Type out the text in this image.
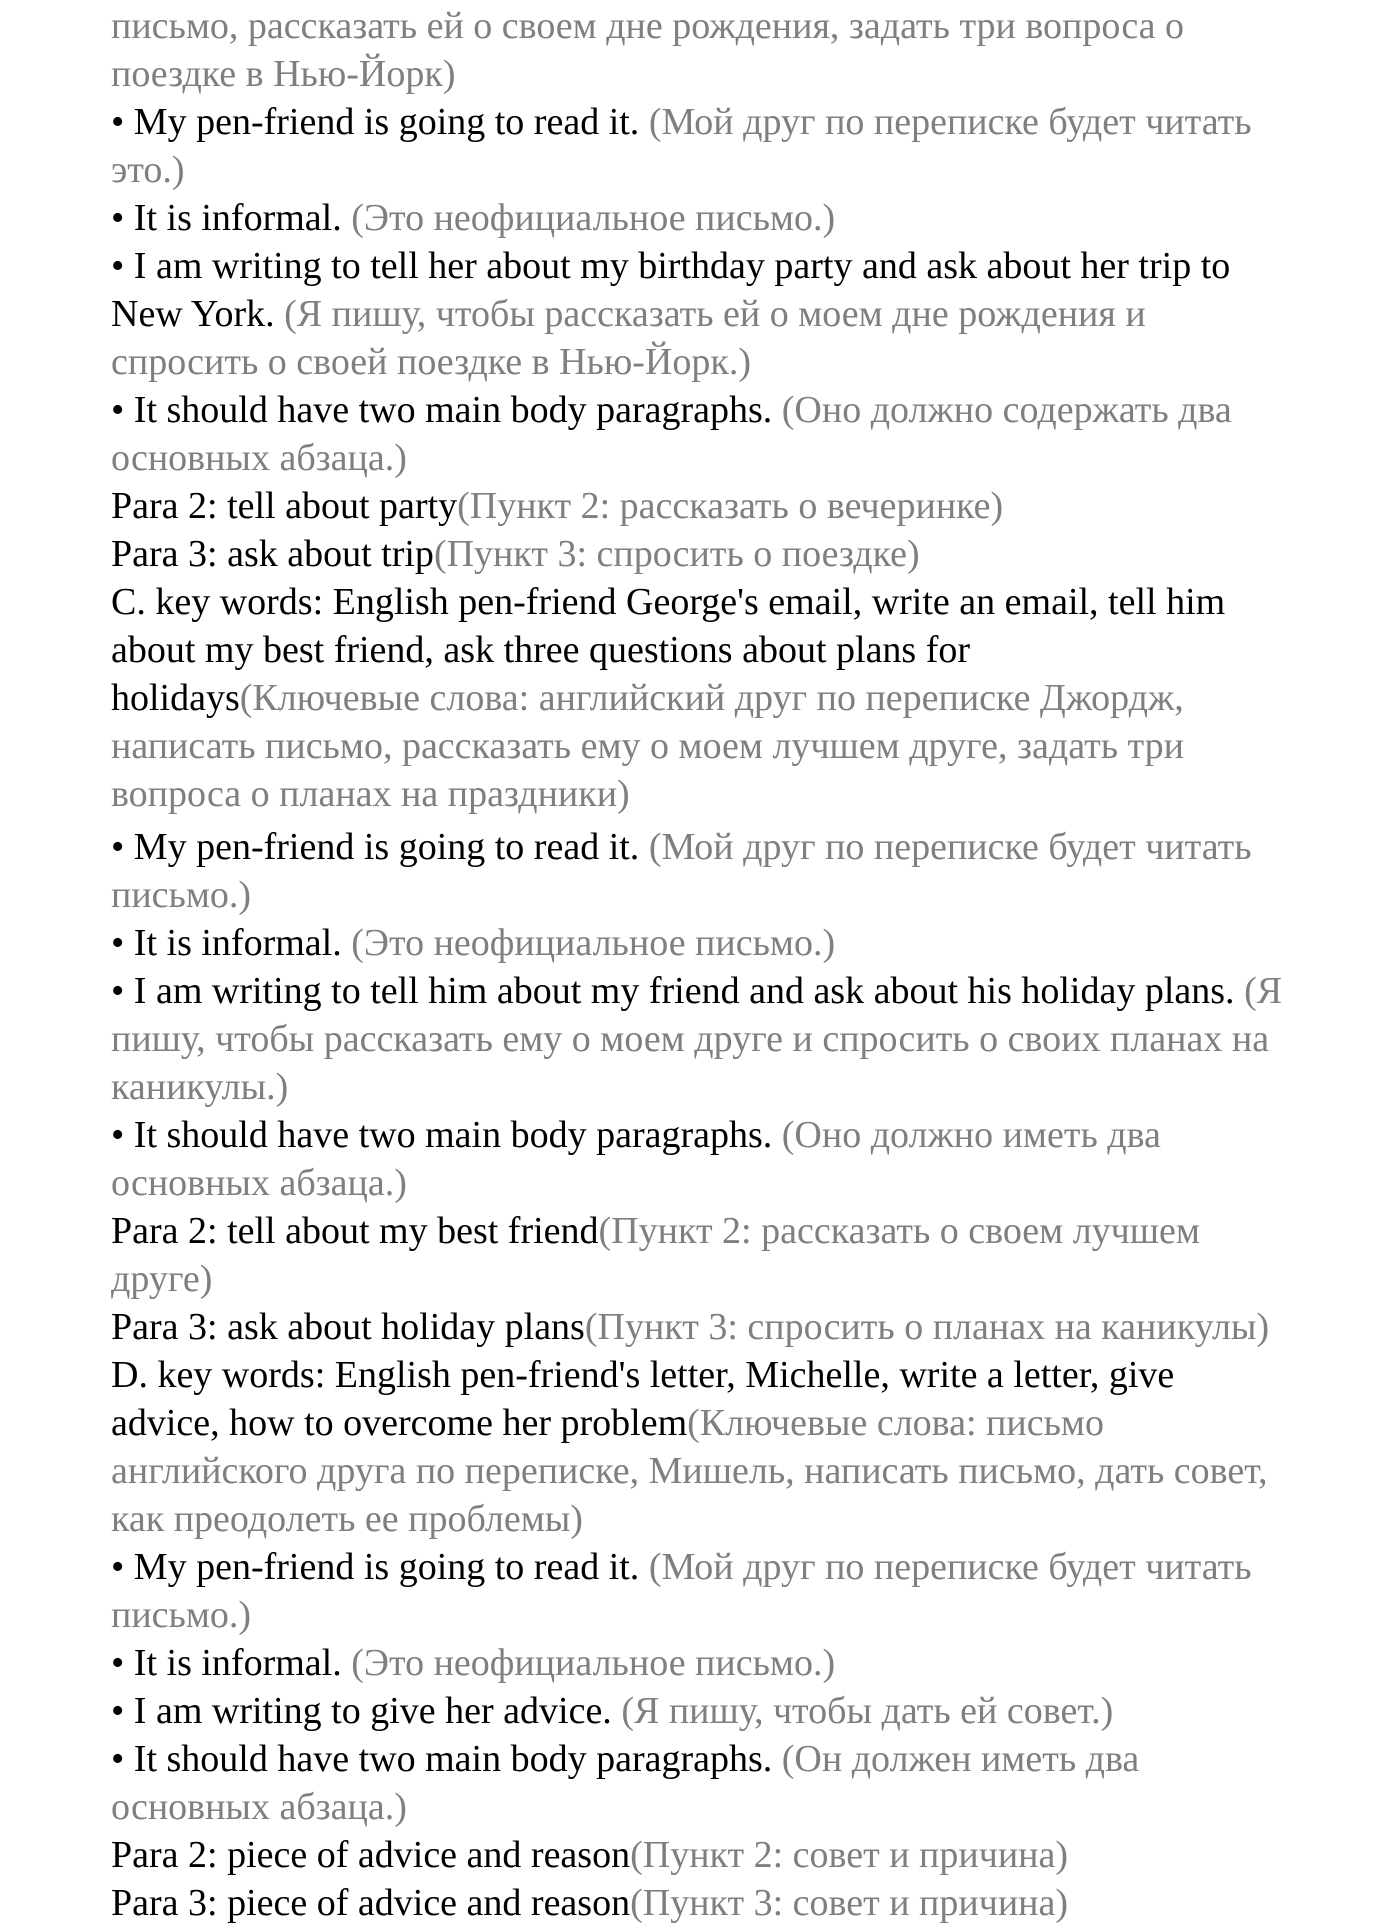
письмо, рассказать ей о своем дне рождения, задать три вопроса о
поездке в Нью-Йорк)
• My pen-friend is going to read it. (Мой друг по переписке будет читать
это.)
• It is informal. (Это неофициальное письмо.)
• I am writing to tell her about my birthday party and ask about her trip to
New York. (Я пишу, чтобы рассказать ей о моем дне рождения и
спросить о своей поездке в Нью-Йорк.)
• It should have two main body paragraphs. (Оно должно содержать два
основных абзаца.)
Para 2: tell about party(Пункт 2: рассказать о вечеринке)
Para 3: ask about trip(Пункт 3: спросить о поездке)
C. key words: English pen-friend George's email, write an email, tell him
about my best friend, ask three questions about plans for
holidays(Ключевые слова: английский друг по переписке Джордж,
написать письмо, рассказать ему о моем лучшем друге, задать три
вопроса о планах на праздники)
• My pen-friend is going to read it. (Мой друг по переписке будет читать
письмо.)
• It is informal. (Это неофициальное письмо.)
• I am writing to tell him about my friend and ask about his holiday plans. (Я
пишу, чтобы рассказать ему о моем друге и спросить о своих планах на
каникулы.)
• It should have two main body paragraphs. (Оно должно иметь два
основных абзаца.)
Para 2: tell about my best friend(Пункт 2: рассказать о своем лучшем
друге)
Para 3: ask about holiday plans(Пункт 3: спросить о планах на каникулы)
D. key words: English pen-friend's letter, Michelle, write a letter, give
advice, how to overcome her problem(Ключевые слова: письмо
английского друга по переписке, Мишель, написать письмо, дать совет,
как преодолеть ее проблемы)
• My pen-friend is going to read it. (Мой друг по переписке будет читать
письмо.)
• It is informal. (Это неофициальное письмо.)
• I am writing to give her advice. (Я пишу, чтобы дать ей совет.)
• It should have two main body paragraphs. (Он должен иметь два
основных абзаца.)
Para 2: piece of advice and reason(Пункт 2: совет и причина)
Para 3: piece of advice and reason(Пункт 3: совет и причина)
